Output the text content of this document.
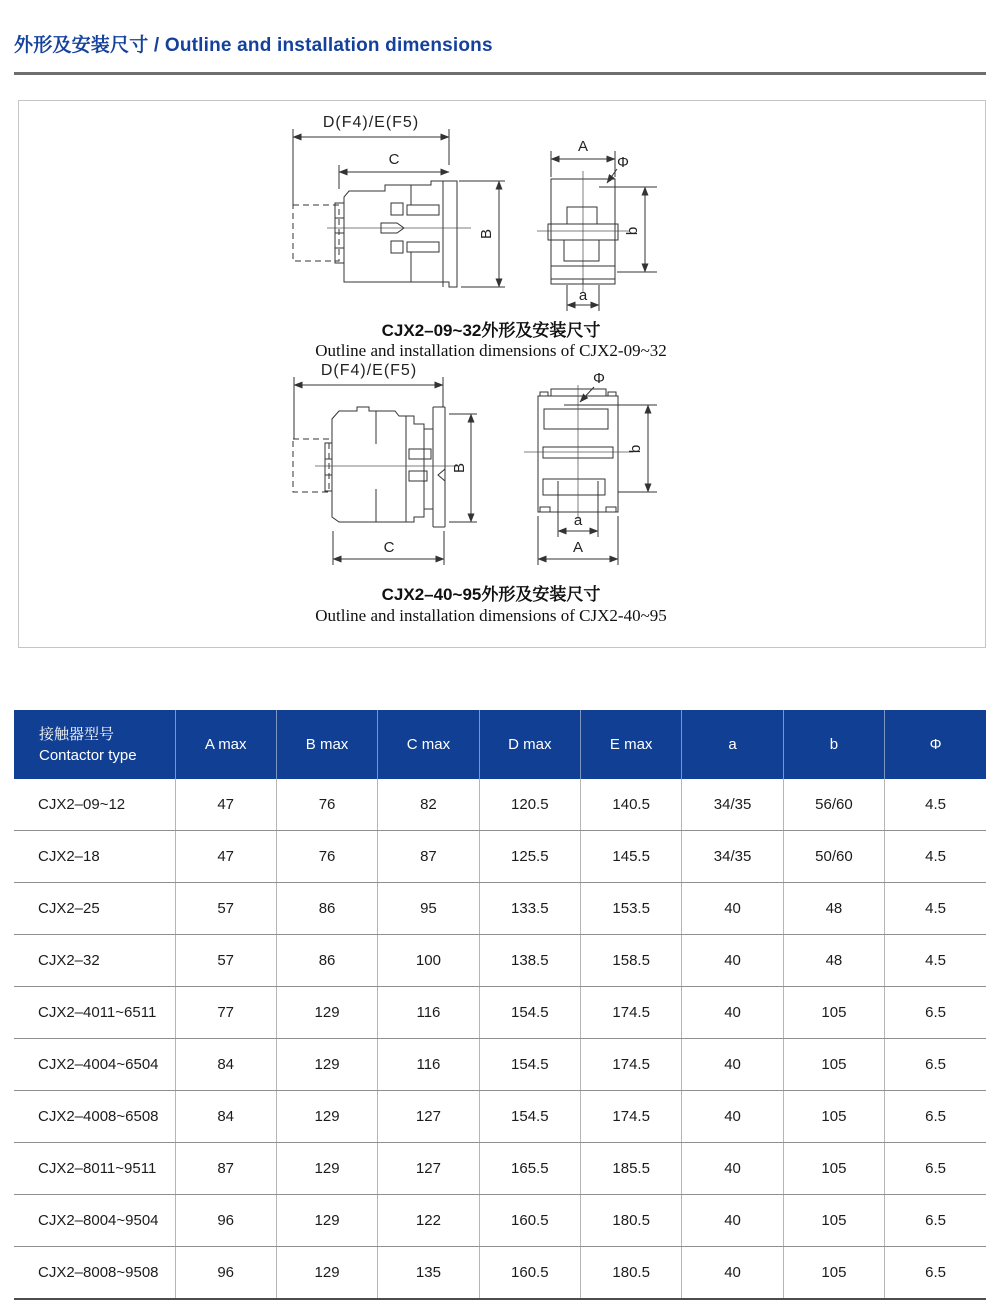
外形及安装尺寸 / Outline and installation dimensions
D(F4)/E(F5)
C
B
A
Φ
b
a
CJX2–09~32外形及安装尺寸
Outline and installation dimensions of CJX2-09~32
D(F4)/E(F5)
B
C
Φ
b
a
A
CJX2–40~95外形及安装尺寸
Outline and installation dimensions of CJX2-40~95
接触器型号
Contactor type	A max	B max	C max	D max	E max	a	b	Φ
CJX2–09~12	47	76	82	120.5	140.5	34/35	56/60	4.5
CJX2–18	47	76	87	125.5	145.5	34/35	50/60	4.5
CJX2–25	57	86	95	133.5	153.5	40	48	4.5
CJX2–32	57	86	100	138.5	158.5	40	48	4.5
CJX2–4011~6511	77	129	116	154.5	174.5	40	105	6.5
CJX2–4004~6504	84	129	116	154.5	174.5	40	105	6.5
CJX2–4008~6508	84	129	127	154.5	174.5	40	105	6.5
CJX2–8011~9511	87	129	127	165.5	185.5	40	105	6.5
CJX2–8004~9504	96	129	122	160.5	180.5	40	105	6.5
CJX2–8008~9508	96	129	135	160.5	180.5	40	105	6.5
